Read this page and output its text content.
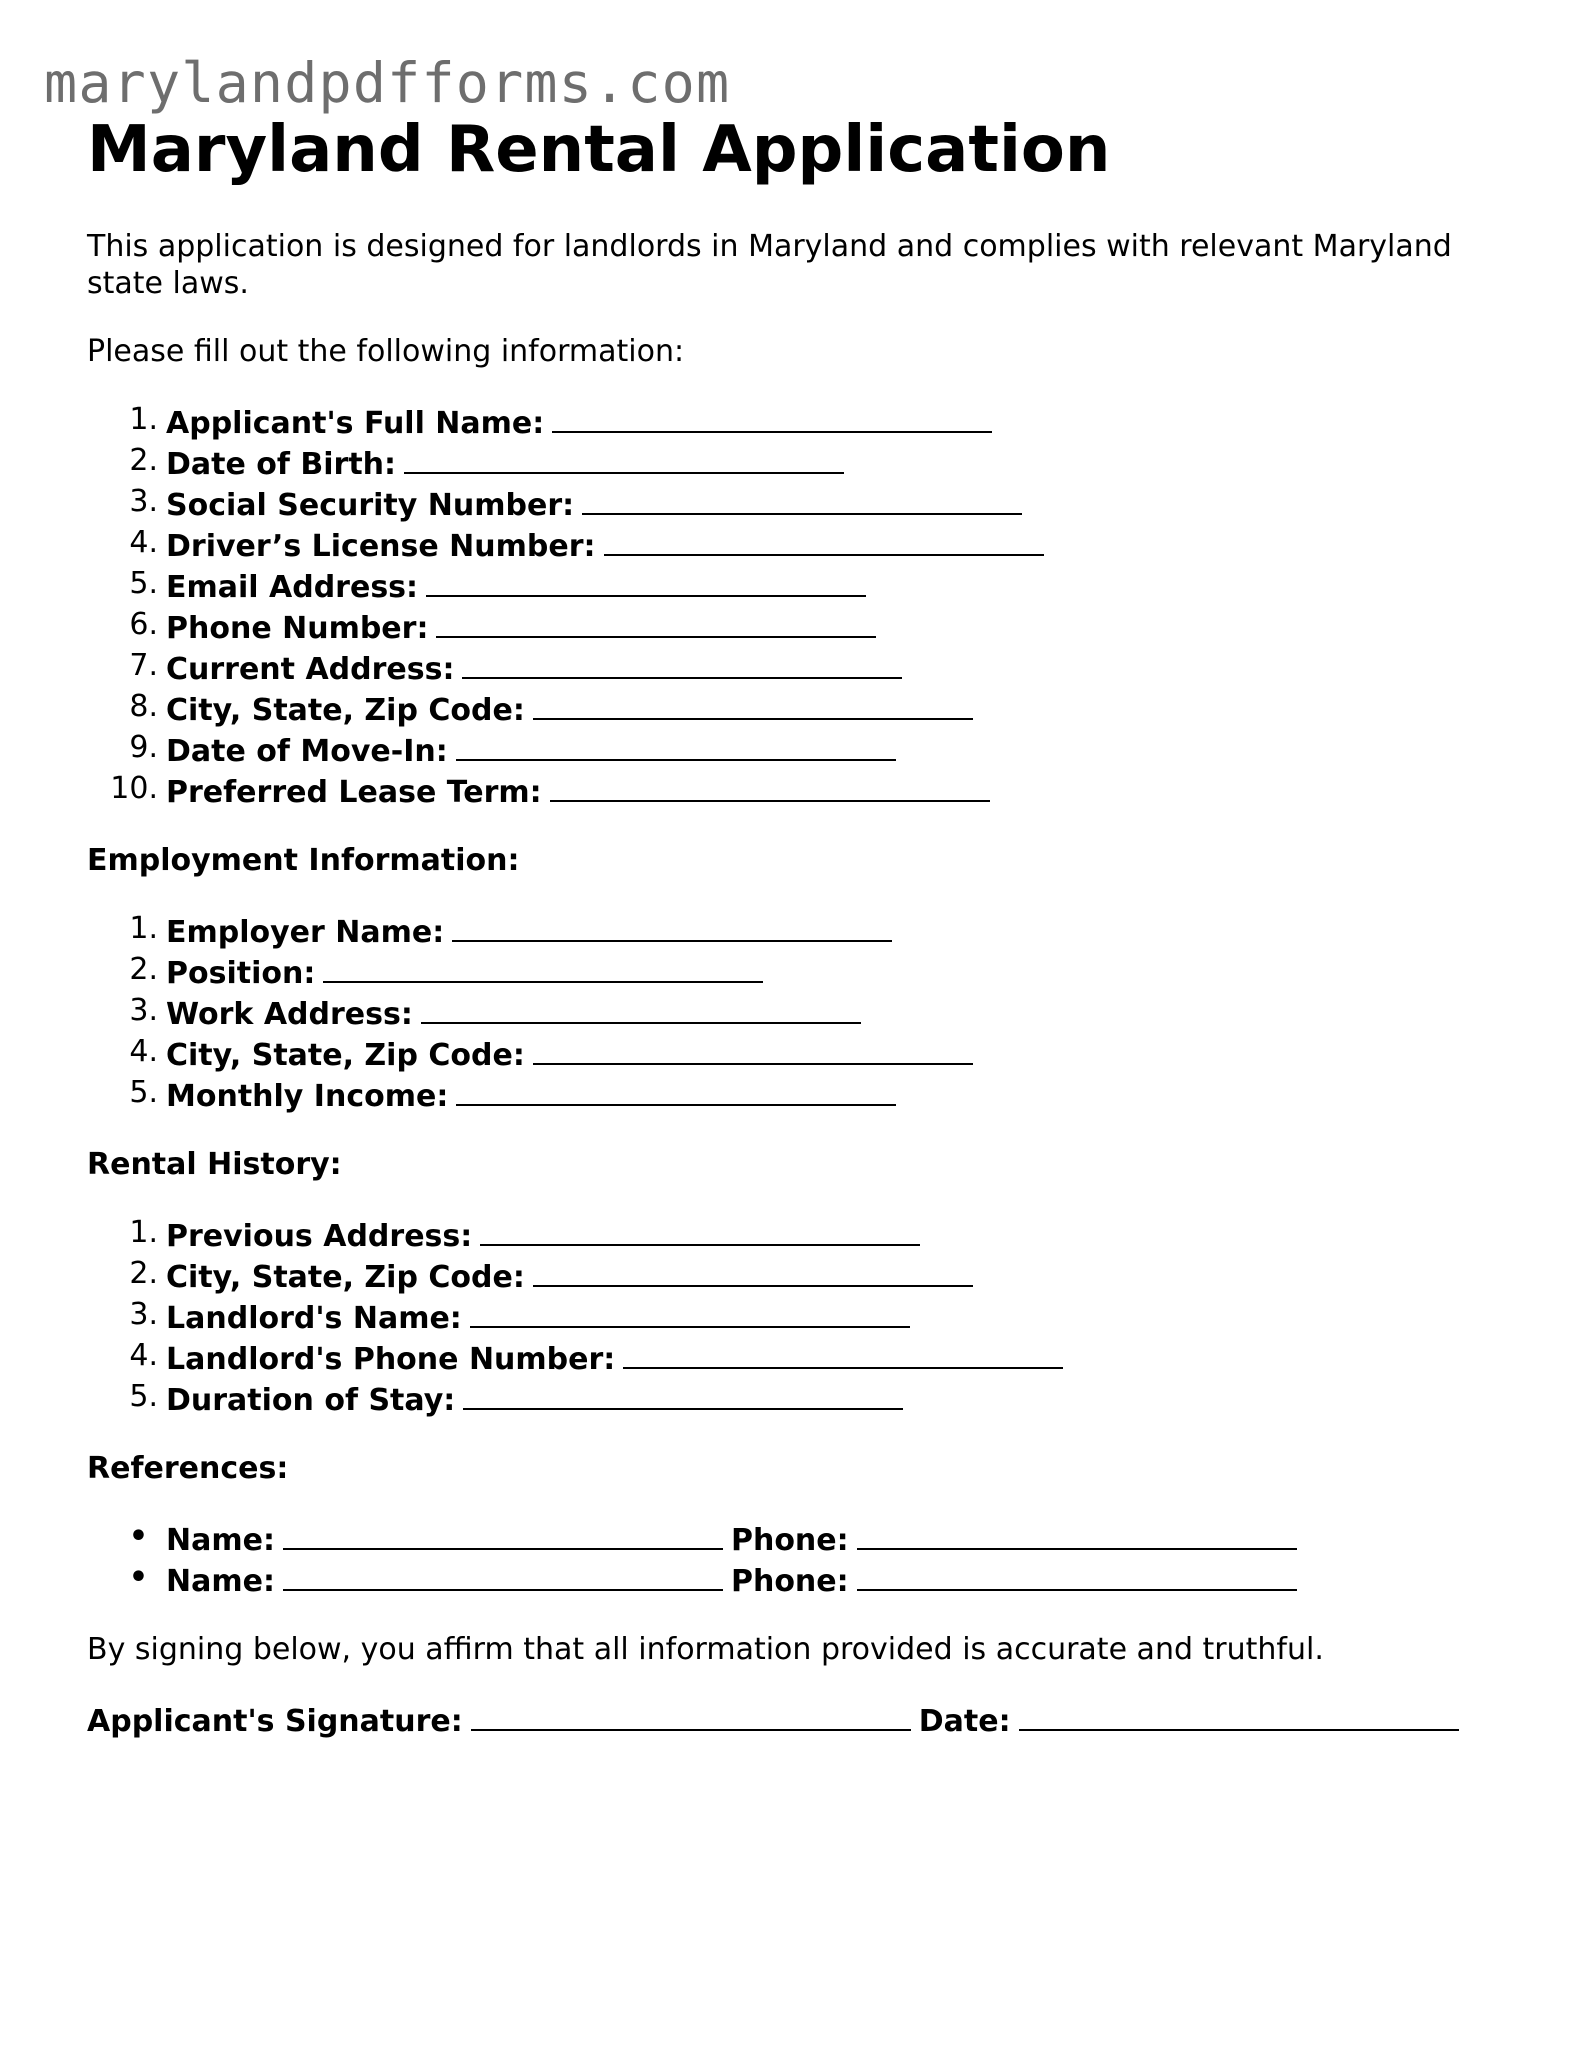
marylandpdfforms.com
Maryland Rental Application

This application is designed for landlords in Maryland and complies with relevant Maryland state laws.

Please fill out the following information:

1. Applicant's Full Name:
2. Date of Birth:
3. Social Security Number:
4. Driver’s License Number:
5. Email Address:
6. Phone Number:
7. Current Address:
8. City, State, Zip Code:
9. Date of Move-In:
10. Preferred Lease Term:
Employment Information:
1. Employer Name:
2. Position:
3. Work Address:
4. City, State, Zip Code:
5. Monthly Income:
Rental History:
1. Previous Address:
2. City, State, Zip Code:
3. Landlord's Name:
4. Landlord's Phone Number:
5. Duration of Stay:
References:
• Name:	Phone:
• Name:	Phone:

By signing below, you affirm that all information provided is accurate and truthful.

Applicant's Signature:	Date:
